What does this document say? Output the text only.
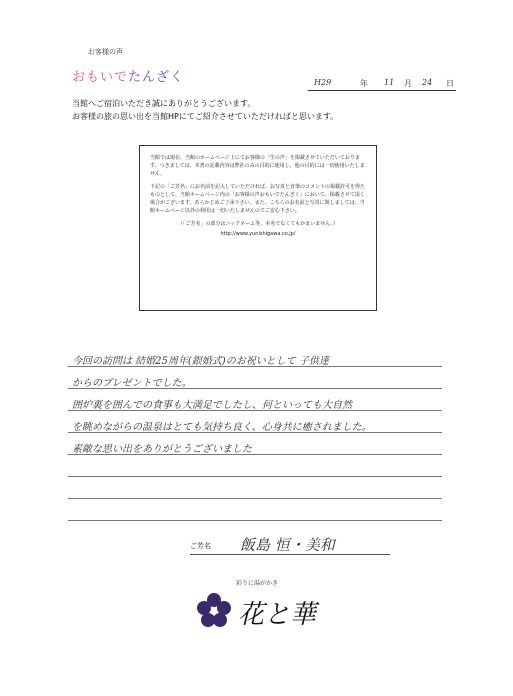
お客様の声
おもいでたんざく	H29	年 11 月 24 日
当館へご宿泊いただき誠にありがとうございます。
お客様の旅の思い出を当館HPにてご紹介させていただければと思います。

当館では現在、当館のホームページ上にてお客様の「生の声」を掲載させていただいております。つきましては、本書の記載内容は弊社のみの目的に使用し、他の目的には一切使用いたしません。

下記の「ご芳名」にお名前を記入していただければ、お写真と直筆のコメントの掲載許可を得たものとして、当館ホームページ内の「お客様の声おもいでたんざく」において、掲載させて頂く場合がございます。あらかじめご了承下さい。また、こちらのお名前と写真に関しましては、当館ホームページ以外の利用は一切いたしませんのでご安心下さい。

（「ご芳名」の部分はニックネーム等、本名でなくてもかまいません。）
http://www.yunishigawa.co.jp/
今回の訪問は 結婚25周年(銀婚式)のお祝いとして 子供達
からのプレゼントでした。
囲炉裏を囲んでの食事も大満足でしたし、何といっても大自然
を眺めながらの温泉はとても気持ち良く、心身共に癒されました。
素敵な思い出をありがとうございました
ご芳名 飯島 恒・美和
彩りに湯がかき
花と華
